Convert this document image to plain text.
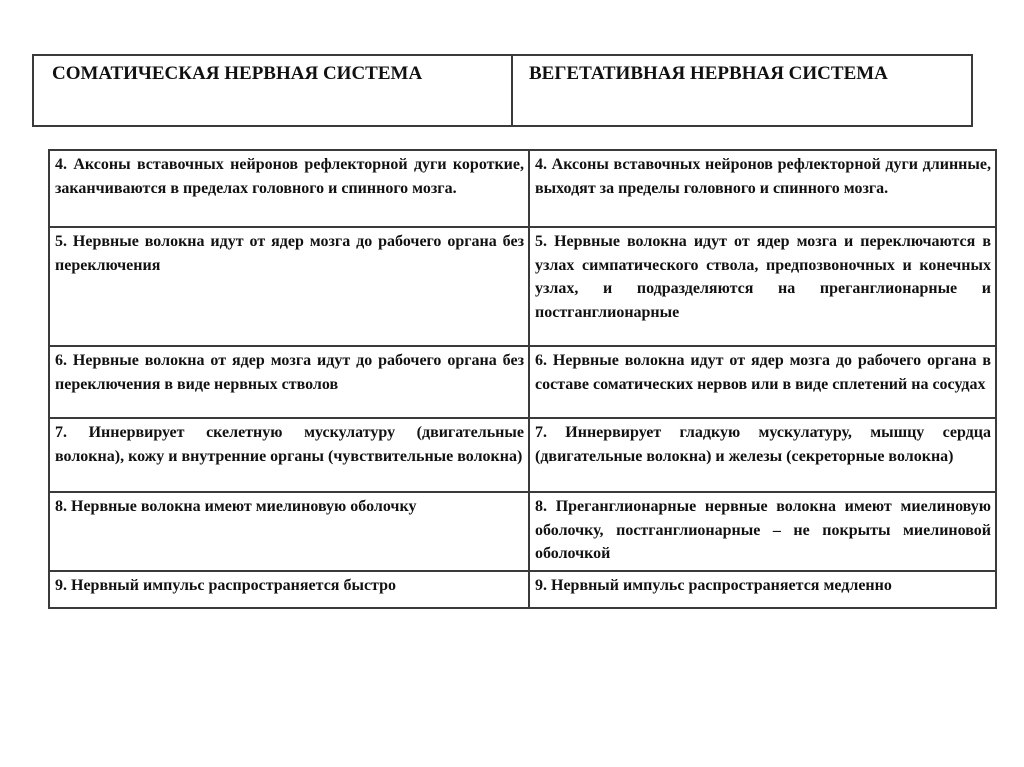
СОМАТИЧЕСКАЯ НЕРВНАЯ СИСТЕМА	ВЕГЕТАТИВНАЯ НЕРВНАЯ СИСТЕМА
4. Аксоны вставочных нейронов рефлекторной дуги короткие, заканчиваются в пределах головного и спинного мозга.	4. Аксоны вставочных нейронов рефлекторной дуги длинные, выходят за пределы головного и спинного мозга.
5. Нервные волокна идут от ядер мозга до рабочего органа без переключения	5. Нервные волокна идут от ядер мозга и переключаются в узлах симпатического ствола, предпозвоночных и конечных узлах, и подразделяются на преганглионарные и постганглионарные
6. Нервные волокна от ядер мозга идут до рабочего органа без переключения в виде нервных стволов	6. Нервные волокна идут от ядер мозга до рабочего органа в составе соматических нервов или в виде сплетений на сосудах
7. Иннервирует скелетную мускулатуру (двигательные волокна), кожу и внутренние органы (чувствительные волокна)	7. Иннервирует гладкую мускулатуру, мышцу сердца (двигательные волокна) и железы (секреторные волокна)
8. Нервные волокна имеют миелиновую оболочку	8. Преганглионарные нервные волокна имеют миелиновую оболочку, постганглионарные – не покрыты миелиновой оболочкой
9. Нервный импульс распространяется быстро	9. Нервный импульс распространяется медленно
